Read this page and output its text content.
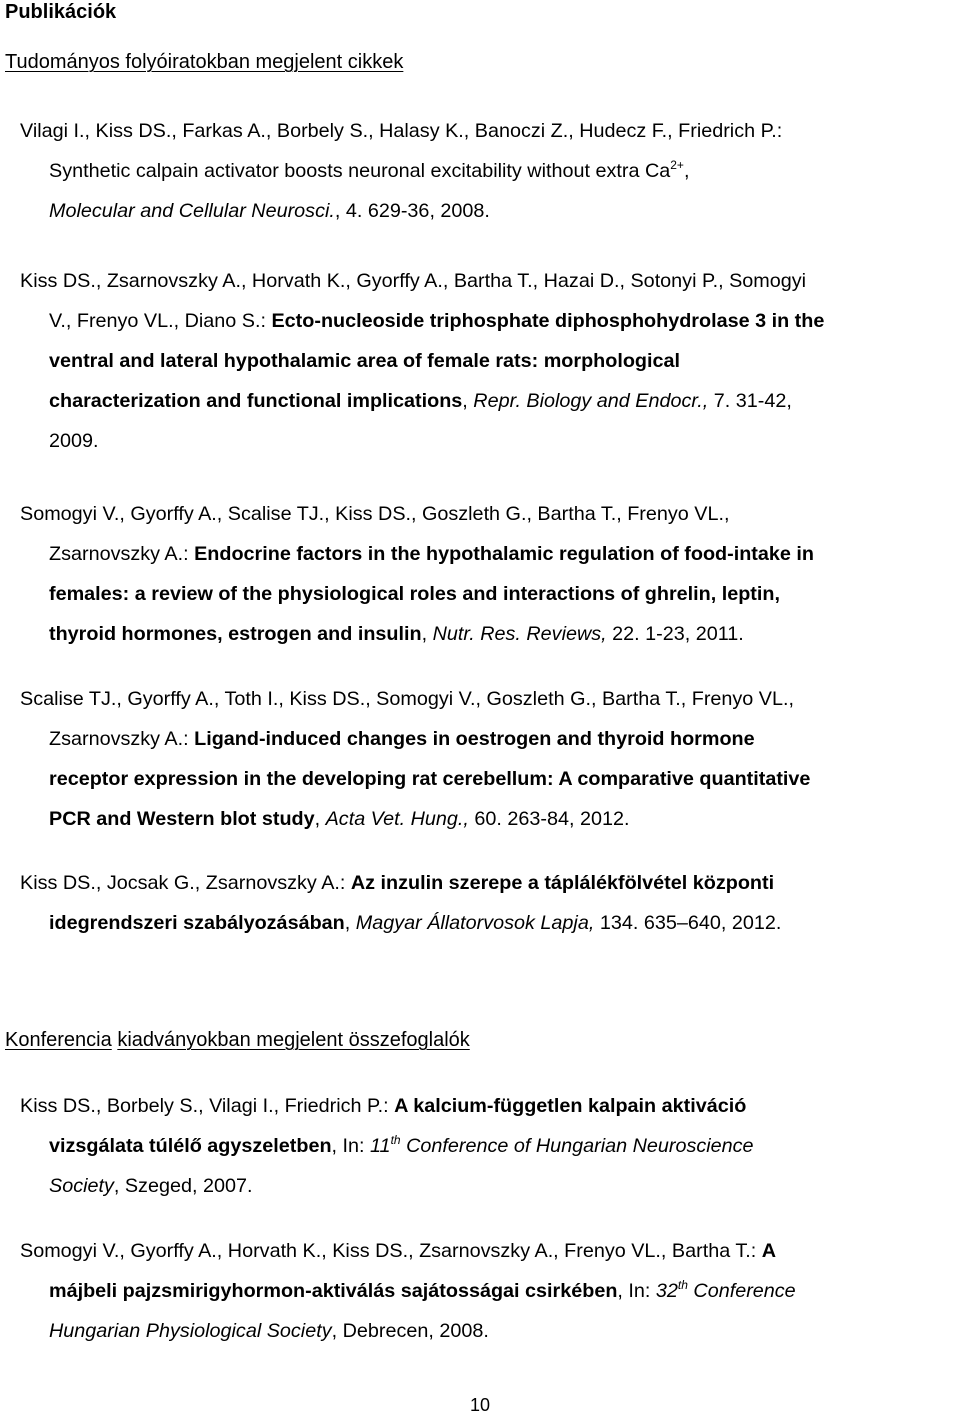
Publikációk
Tudományos folyóiratokban megjelent cikkek
Vilagi I., Kiss DS., Farkas A., Borbely S., Halasy K., Banoczi Z., Hudecz F., Friedrich P.:
Synthetic calpain activator boosts neuronal excitability without extra $Ca^{2+}$,
Molecular and Cellular Neurosci., 4. 629-36, 2008.
Kiss DS., Zsarnovszky A., Horvath K., Gyorffy A., Bartha T., Hazai D., Sotonyi P., Somogyi
V., Frenyo VL., Diano S.: Ecto-nucleoside triphosphate diphosphohydrolase 3 in the
ventral and lateral hypothalamic area of female rats: morphological
characterization and functional implications, Repr. Biology and Endocr., 7. 31-42,
2009.
Somogyi V., Gyorffy A., Scalise TJ., Kiss DS., Goszleth G., Bartha T., Frenyo VL.,
Zsarnovszky A.: Endocrine factors in the hypothalamic regulation of food-intake in
females: a review of the physiological roles and interactions of ghrelin, leptin,
thyroid hormones, estrogen and insulin, Nutr. Res. Reviews, 22. 1-23, 2011.
Scalise TJ., Gyorffy A., Toth I., Kiss DS., Somogyi V., Goszleth G., Bartha T., Frenyo VL.,
Zsarnovszky A.: Ligand-induced changes in oestrogen and thyroid hormone
receptor expression in the developing rat cerebellum: A comparative quantitative
PCR and Western blot study, Acta Vet. Hung., 60. 263-84, 2012.
Kiss DS., Jocsak G., Zsarnovszky A.: Az inzulin szerepe a táplálékfölvétel központi
idegrendszeri szabályozásában, Magyar Állatorvosok Lapja, 134. 635–640, 2012.
Konferencia kiadványokban megjelent összefoglalók
Kiss DS., Borbely S., Vilagi I., Friedrich P.: A kalcium-független kalpain aktiváció
vizsgálata túlélő agyszeletben, In: 11th Conference of Hungarian Neuroscience
Society, Szeged, 2007.
Somogyi V., Gyorffy A., Horvath K., Kiss DS., Zsarnovszky A., Frenyo VL., Bartha T.: A
májbeli pajzsmirigyhormon-aktiválás sajátosságai csirkében, In: 32th Conference
Hungarian Physiological Society, Debrecen, 2008.
10
